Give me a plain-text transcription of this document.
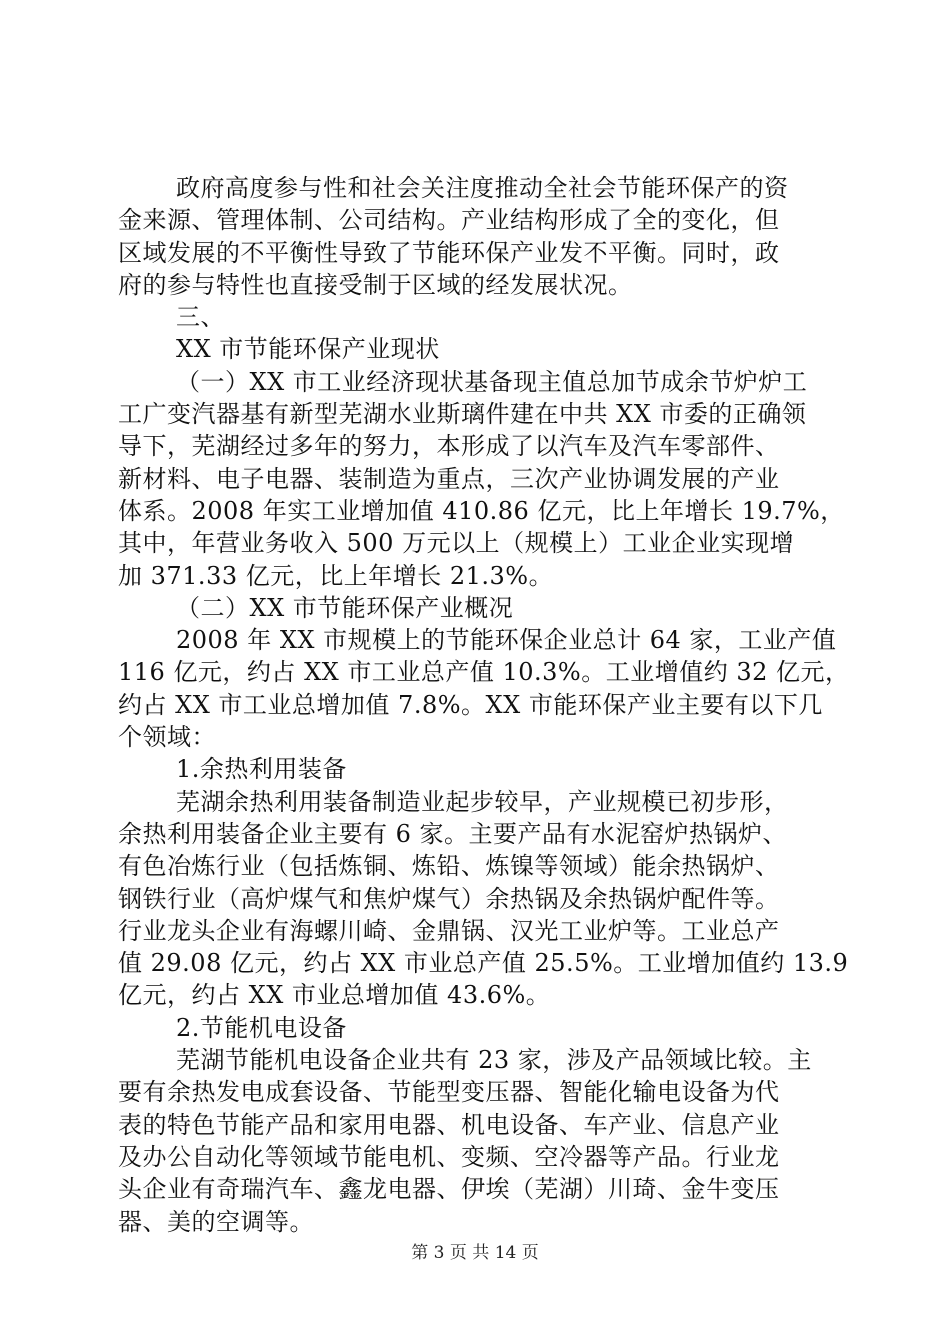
政府高度参与性和社会关注度推动全社会节能环保产的资
金来源、管理体制、公司结构。产业结构形成了全的变化，但
区域发展的不平衡性导致了节能环保产业发不平衡。同时，政
府的参与特性也直接受制于区域的经发展状况。
三、
XX 市节能环保产业现状
（一）XX 市工业经济现状基备现主值总加节成余节炉炉工
工广变汽器基有新型芜湖水业斯璃件建在中共 XX 市委的正确领
导下，芜湖经过多年的努力，本形成了以汽车及汽车零部件、
新材料、电子电器、装制造为重点，三次产业协调发展的产业
体系。2008 年实工业增加值 410.86 亿元，比上年增长 19.7%，
其中，年营业务收入 500 万元以上（规模上）工业企业实现增
加 371.33 亿元，比上年增长 21.3%。
（二）XX 市节能环保产业概况
2008 年 XX 市规模上的节能环保企业总计 64 家，工业产值
116 亿元，约占 XX 市工业总产值 10.3%。工业增值约 32 亿元，
约占 XX 市工业总增加值 7.8%。XX 市能环保产业主要有以下几
个领域：
1.余热利用装备
芜湖余热利用装备制造业起步较早，产业规模已初步形，
余热利用装备企业主要有 6 家。主要产品有水泥窑炉热锅炉、
有色冶炼行业（包括炼铜、炼铅、炼镍等领域）能余热锅炉、
钢铁行业（高炉煤气和焦炉煤气）余热锅及余热锅炉配件等。
行业龙头企业有海螺川崎、金鼎锅、汉光工业炉等。工业总产
值 29.08 亿元，约占 XX 市业总产值 25.5%。工业增加值约 13.9
亿元，约占 XX 市业总增加值 43.6%。
2.节能机电设备
芜湖节能机电设备企业共有 23 家，涉及产品领域比较。主
要有余热发电成套设备、节能型变压器、智能化输电设备为代
表的特色节能产品和家用电器、机电设备、车产业、信息产业
及办公自动化等领域节能电机、变频、空冷器等产品。行业龙
头企业有奇瑞汽车、鑫龙电器、伊埃（芜湖）川琦、金牛变压
器、美的空调等。
第 3 页 共 14 页
